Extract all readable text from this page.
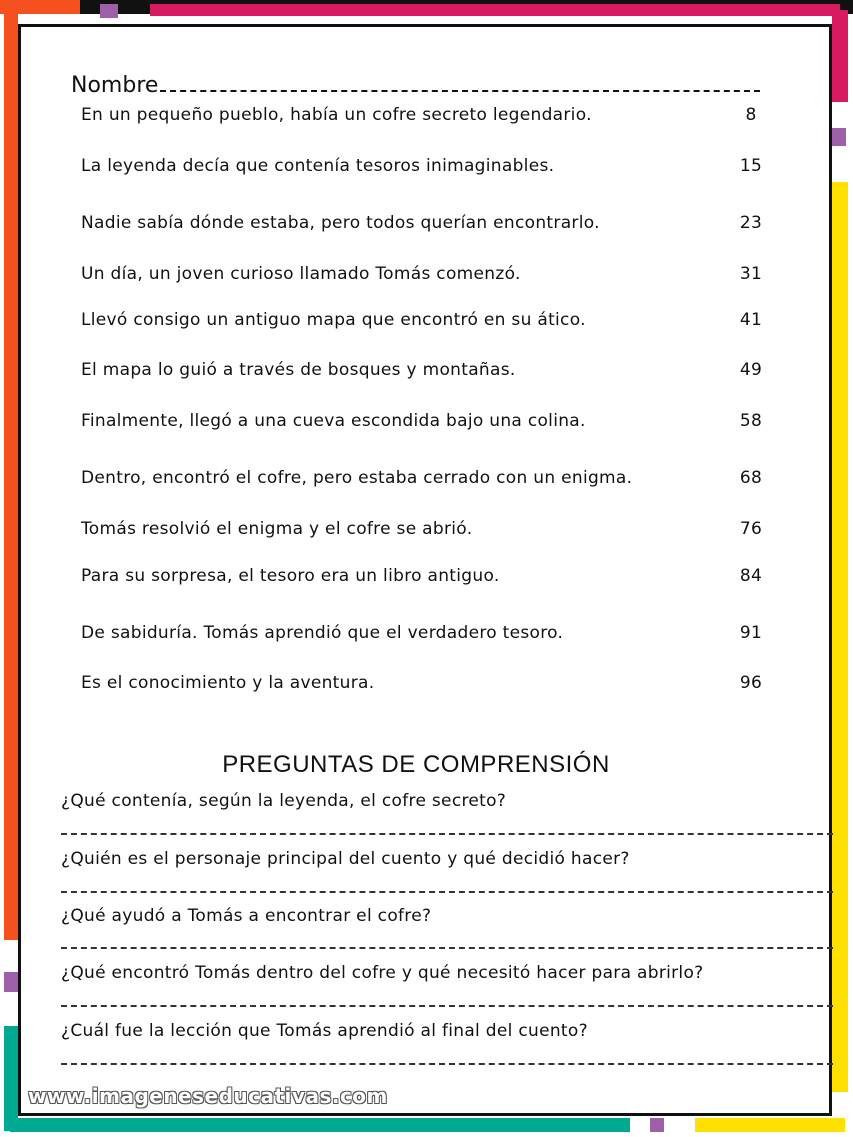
Nombre
En un pequeño pueblo, había un cofre secreto legendario.	8
La leyenda decía que contenía tesoros inimaginables.	15
Nadie sabía dónde estaba, pero todos querían encontrarlo.	23
Un día, un joven curioso llamado Tomás comenzó.	31
Llevó consigo un antiguo mapa que encontró en su ático.	41
El mapa lo guió a través de bosques y montañas.	49
Finalmente, llegó a una cueva escondida bajo una colina.	58
Dentro, encontró el cofre, pero estaba cerrado con un enigma.	68
Tomás resolvió el enigma y el cofre se abrió.	76
Para su sorpresa, el tesoro era un libro antiguo.	84
De sabiduría. Tomás aprendió que el verdadero tesoro.	91
Es el conocimiento y la aventura.	96
PREGUNTAS DE COMPRENSIÓN
¿Qué contenía, según la leyenda, el cofre secreto?
¿Quién es el personaje principal del cuento y qué decidió hacer?
¿Qué ayudó a Tomás a encontrar el cofre?
¿Qué encontró Tomás dentro del cofre y qué necesitó hacer para abrirlo?
¿Cuál fue la lección que Tomás aprendió al final del cuento?
www.imageneseducativas.com
